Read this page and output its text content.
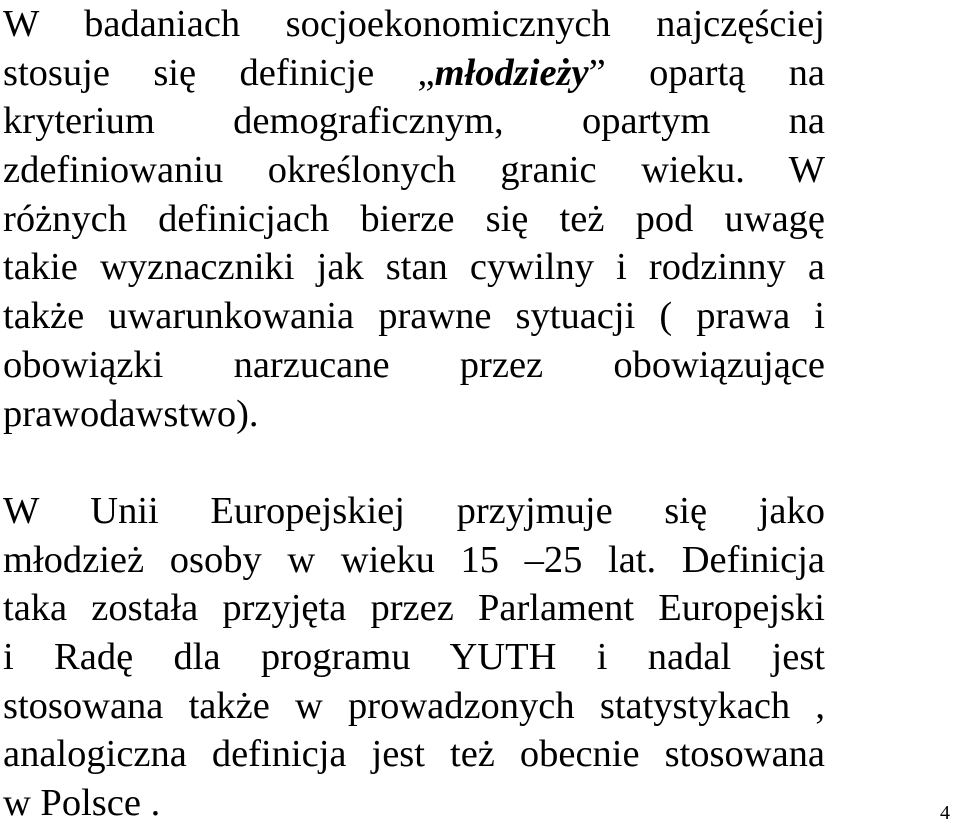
W badaniach socjoekonomicznych najczęściej
stosuje się definicje „młodzieży” opartą na
kryterium demograficznym, opartym na
zdefiniowaniu określonych granic wieku. W
różnych definicjach bierze się też pod uwagę
takie wyznaczniki jak stan cywilny i rodzinny a
także uwarunkowania prawne sytuacji ( prawa i
obowiązki narzucane przez obowiązujące
prawodawstwo).
W Unii Europejskiej przyjmuje się jako
młodzież osoby w wieku 15 –25 lat. Definicja
taka została przyjęta przez Parlament Europejski
i Radę dla programu YUTH i nadal jest
stosowana także w prowadzonych statystykach ,
analogiczna definicja jest też obecnie stosowana
w Polsce .	4
